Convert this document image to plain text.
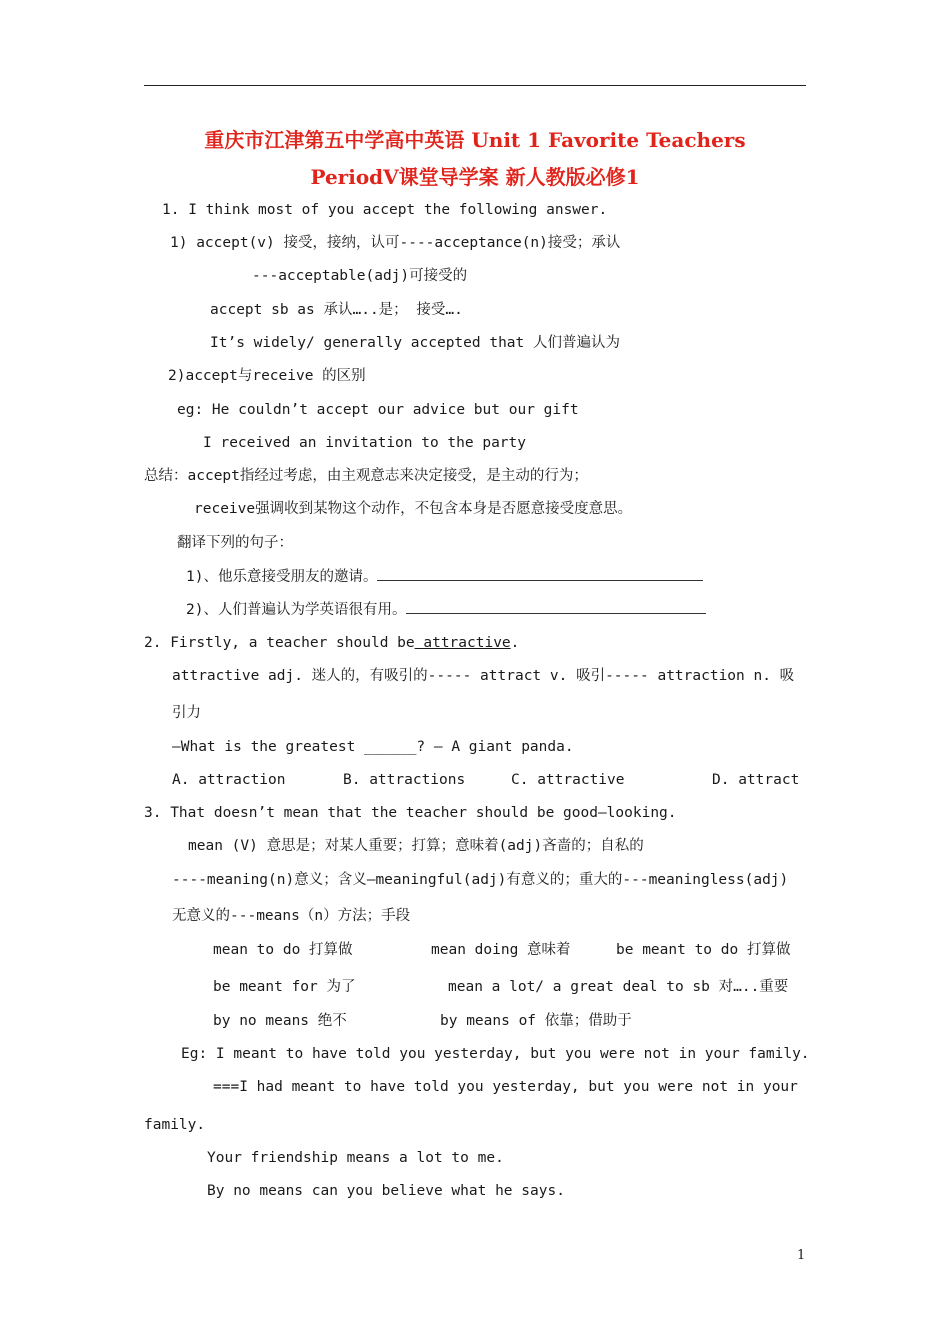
重庆市江津第五中学高中英语 Unit 1 Favorite Teachers
PeriodV课堂导学案 新人教版必修1
1. I think most of you accept the following answer.
1) accept(v) 接受，接纳，认可----acceptance(n)接受；承认
---acceptable(adj)可接受的
accept sb as 承认…..是； 接受….
It’s widely/ generally accepted that 人们普遍认为
2)accept与receive 的区别
eg: He couldn’t accept our advice but our gift
I received an invitation to the party
总结：accept指经过考虑，由主观意志来决定接受，是主动的行为；
receive强调收到某物这个动作，不包含本身是否愿意接受度意思。
翻译下列的句子：
1)、他乐意接受朋友的邀请。
2)、人们普遍认为学英语很有用。
2. Firstly, a teacher should be attractive.
attractive adj. 迷人的，有吸引的----- attract v. 吸引----- attraction n. 吸
引力
—What is the greatest ______? — A giant panda.
A. attraction	B. attractions	C. attractive	D. attract
3. That doesn’t mean that the teacher should be good—looking.
mean (V) 意思是；对某人重要；打算；意味着(adj)吝啬的；自私的
----meaning(n)意义；含义—meaningful(adj)有意义的；重大的---meaningless(adj)
无意义的---means（n）方法；手段
mean to do 打算做	mean doing 意味着	be meant to do 打算做
be meant for 为了	mean a lot/ a great deal to sb 对…..重要
by no means 绝不	by means of 依靠；借助于
Eg: I meant to have told you yesterday, but you were not in your family.
===I had meant to have told you yesterday, but you were not in your
family.
Your friendship means a lot to me.
By no means can you believe what he says.
1
